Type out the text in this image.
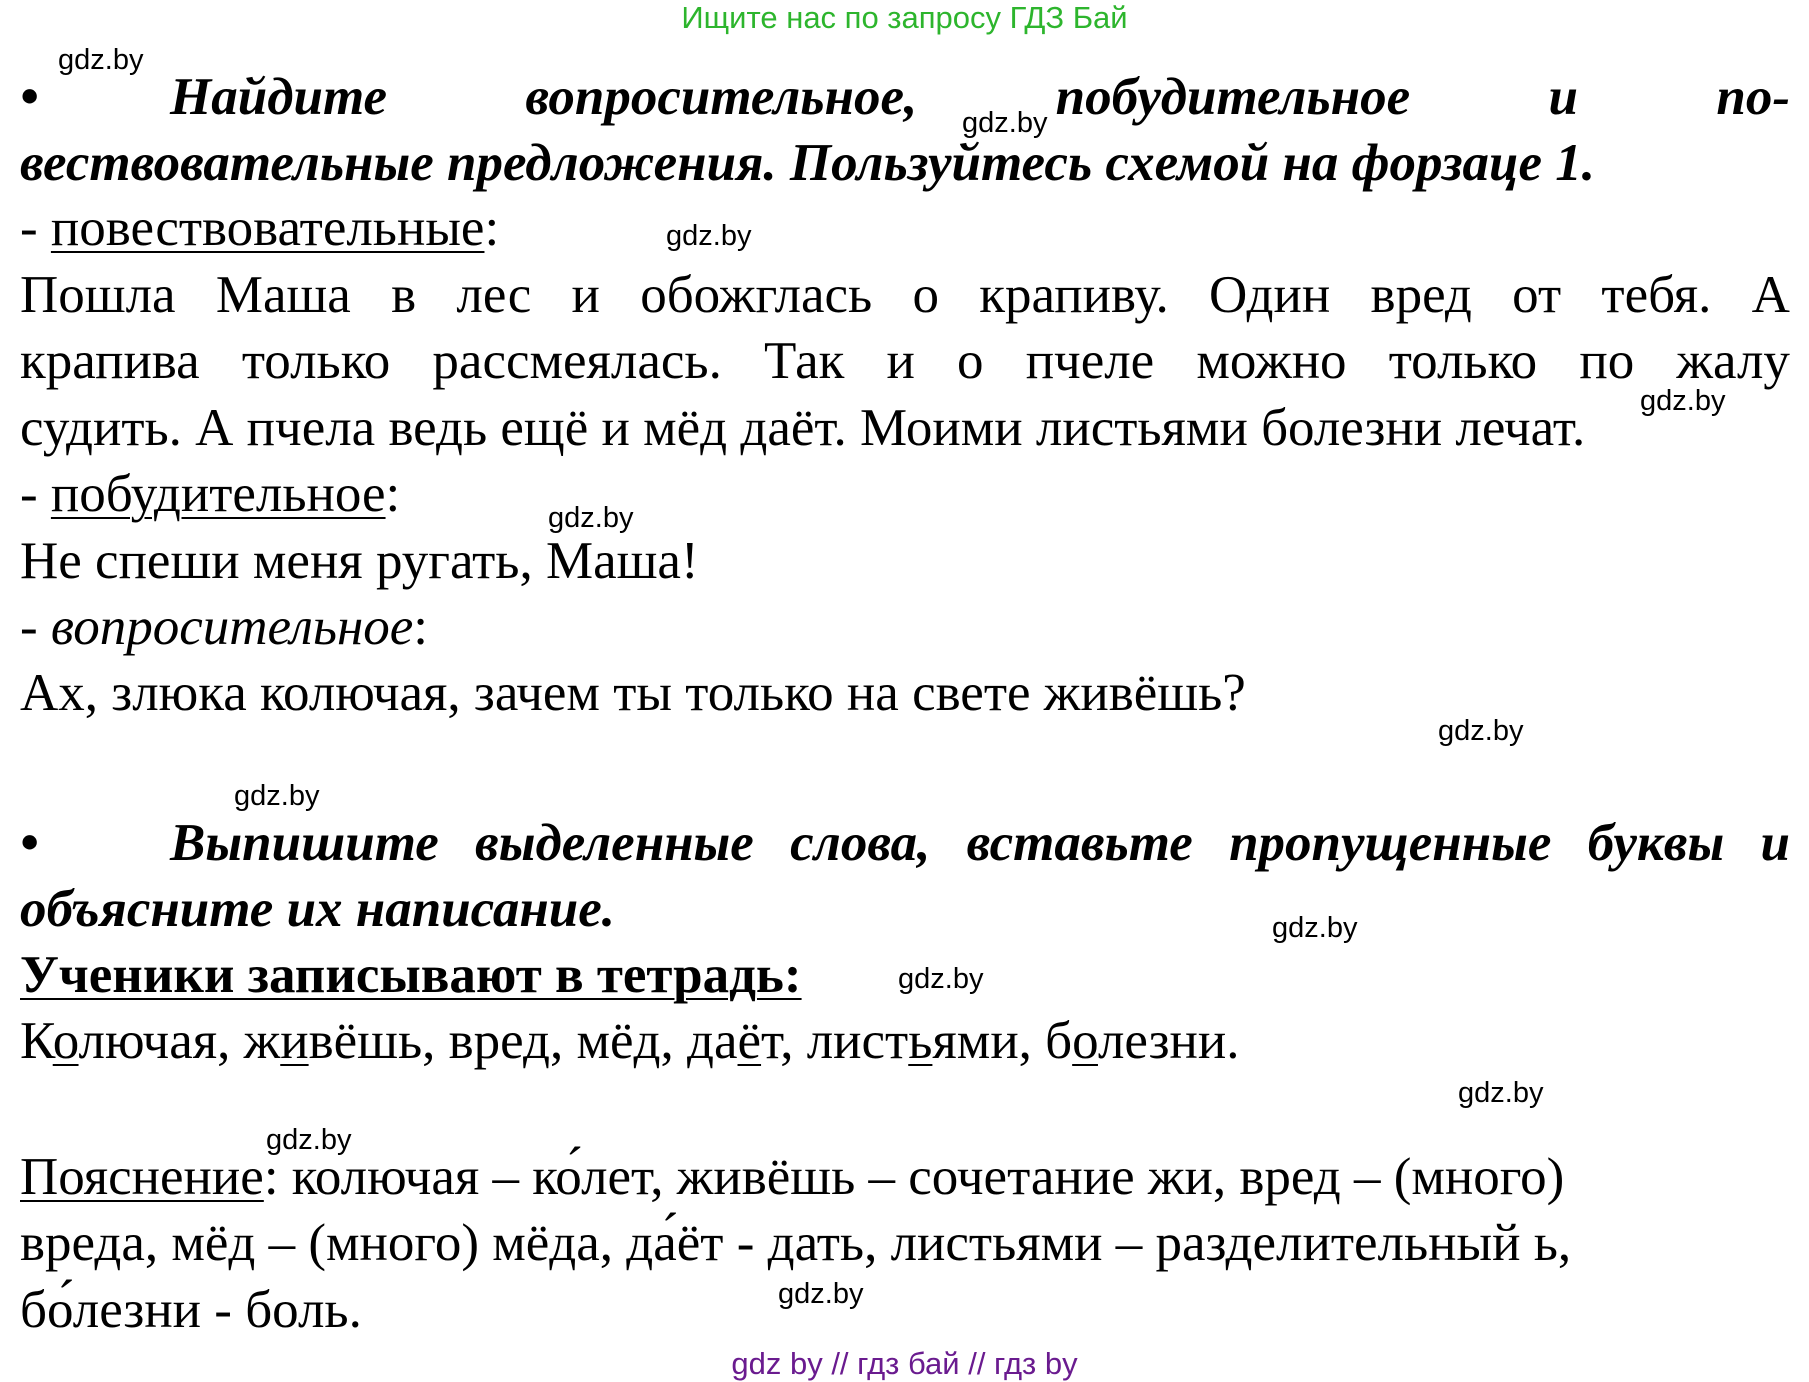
Ищите нас по запросу ГДЗ Бай
• Найдите	вопросительное,	побудительное	и	по-
вествовательные предложения. Пользуйтесь схемой на форзаце 1.
- повествовательные:
Пошла Маша в лес и обожглась о крапиву. Один вред от тебя. А
крапива только рассмеялась. Так и о пчеле можно только по жалу
судить. А пчела ведь ещё и мёд даёт. Моими листьями болезни лечат.
- побудительное:
Не спеши меня ругать, Маша!
- вопросительное:
Ах, злюка колючая, зачем ты только на свете живёшь?
• Выпишите выделенные слова, вставьте пропущенные буквы и
объясните их написание.
Ученики записывают в тетрадь:
Колючая, живёшь, вред, мёд, даёт, листьями, болезни.
Пояснение: колючая – ко́лет, живёшь – сочетание жи, вред – (много)
вреда, мёд – (много) мёда, да́ёт - дать, листьями – разделительный ь,
бо́лезни - боль.
gdz.by
gdz.by
gdz.by
gdz.by
gdz.by
gdz.by
gdz.by
gdz.by
gdz.by
gdz.by
gdz.by
gdz.by
gdz by // гдз бай // гдз by
